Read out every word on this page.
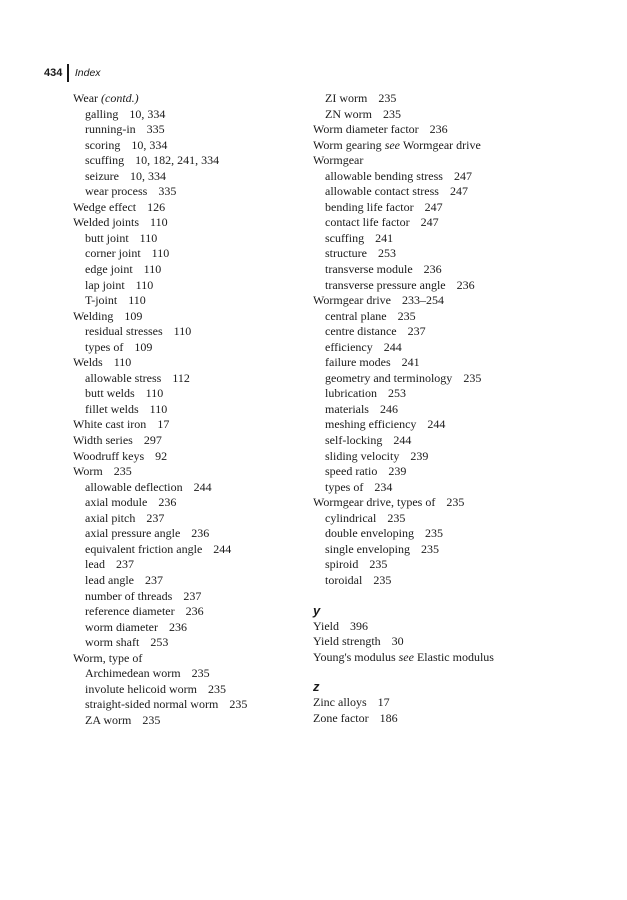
434	Index
Wear (contd.)
galling 10, 334
running-in 335
scoring 10, 334
scuffing 10, 182, 241, 334
seizure 10, 334
wear process 335
Wedge effect 126
Welded joints 110
butt joint 110
corner joint 110
edge joint 110
lap joint 110
T-joint 110
Welding 109
residual stresses 110
types of 109
Welds 110
allowable stress 112
butt welds 110
fillet welds 110
White cast iron 17
Width series 297
Woodruff keys 92
Worm 235
allowable deflection 244
axial module 236
axial pitch 237
axial pressure angle 236
equivalent friction angle 244
lead 237
lead angle 237
number of threads 237
reference diameter 236
worm diameter 236
worm shaft 253
Worm, type of
Archimedean worm 235
involute helicoid worm 235
straight-sided normal worm 235
ZA worm 235
ZI worm 235
ZN worm 235
Worm diameter factor 236
Worm gearing see Wormgear drive
Wormgear
allowable bending stress 247
allowable contact stress 247
bending life factor 247
contact life factor 247
scuffing 241
structure 253
transverse module 236
transverse pressure angle 236
Wormgear drive 233–254
central plane 235
centre distance 237
efficiency 244
failure modes 241
geometry and terminology 235
lubrication 253
materials 246
meshing efficiency 244
self-locking 244
sliding velocity 239
speed ratio 239
types of 234
Wormgear drive, types of 235
cylindrical 235
double enveloping 235
single enveloping 235
spiroid 235
toroidal 235
y
Yield 396
Yield strength 30
Young's modulus see Elastic modulus
z
Zinc alloys 17
Zone factor 186
